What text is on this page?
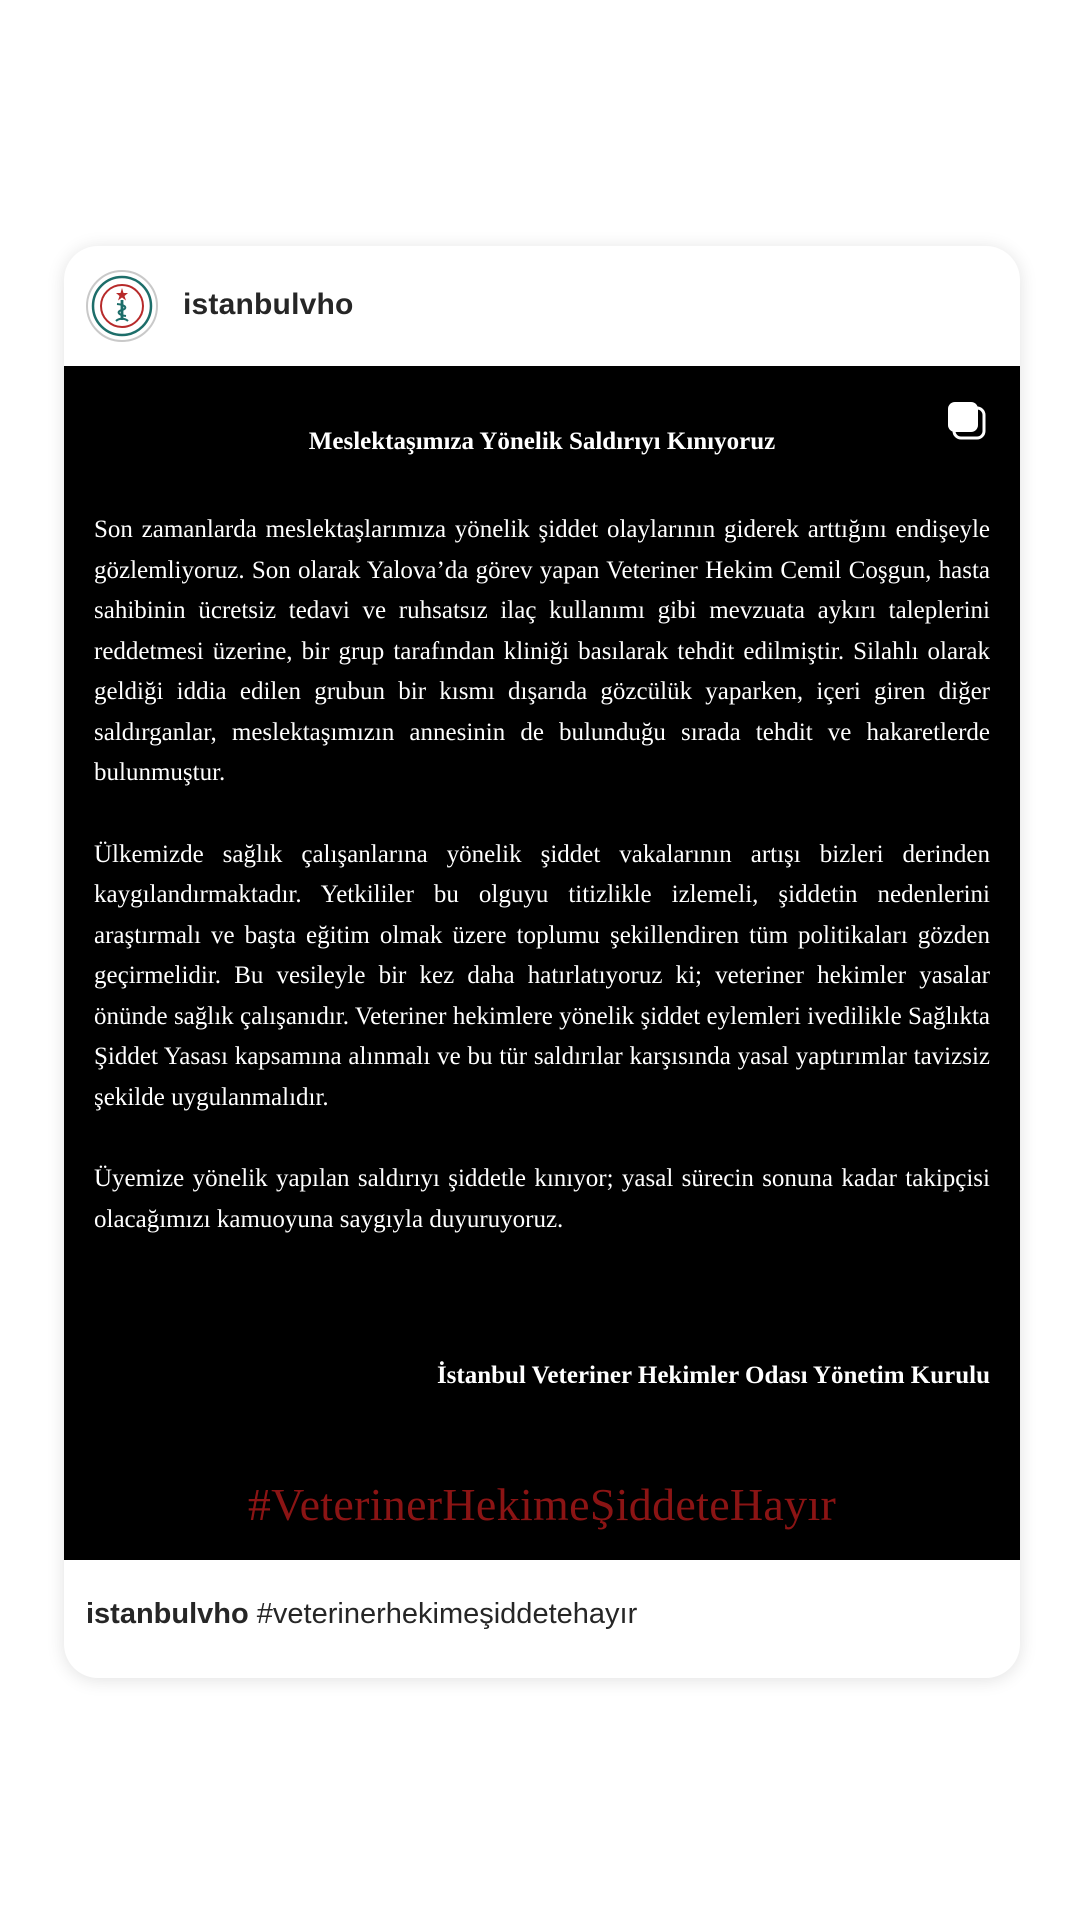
istanbulvho
Meslektaşımıza Yönelik Saldırıyı Kınıyoruz

Son zamanlarda meslektaşlarımıza yönelik şiddet olaylarının giderek arttığını endişeyle gözlemliyoruz. Son olarak Yalova’da görev yapan Veteriner Hekim Cemil Coşgun, hasta sahibinin ücretsiz tedavi ve ruhsatsız ilaç kullanımı gibi mevzuata aykırı taleplerini reddetmesi üzerine, bir grup tarafından kliniği basılarak tehdit edilmiştir. Silahlı olarak geldiği iddia edilen grubun bir kısmı dışarıda gözcülük yaparken, içeri giren diğer saldırganlar, meslektaşımızın annesinin de bulunduğu sırada tehdit ve hakaretlerde bulunmuştur.

Ülkemizde sağlık çalışanlarına yönelik şiddet vakalarının artışı bizleri derinden kaygılandırmaktadır. Yetkililer bu olguyu titizlikle izlemeli, şiddetin nedenlerini araştırmalı ve başta eğitim olmak üzere toplumu şekillendiren tüm politikaları gözden geçirmelidir. Bu vesileyle bir kez daha hatırlatıyoruz ki; veteriner hekimler yasalar önünde sağlık çalışanıdır. Veteriner hekimlere yönelik şiddet eylemleri ivedilikle Sağlıkta Şiddet Yasası kapsamına alınmalı ve bu tür saldırılar karşısında yasal yaptırımlar tavizsiz şekilde uygulanmalıdır.

Üyemize yönelik yapılan saldırıyı şiddetle kınıyor; yasal sürecin sonuna kadar takipçisi olacağımızı kamuoyuna saygıyla duyuruyoruz.

İstanbul Veteriner Hekimler Odası Yönetim Kurulu
#VeterinerHekimeŞiddeteHayır
istanbulvho #veterinerhekimeşiddetehayır
